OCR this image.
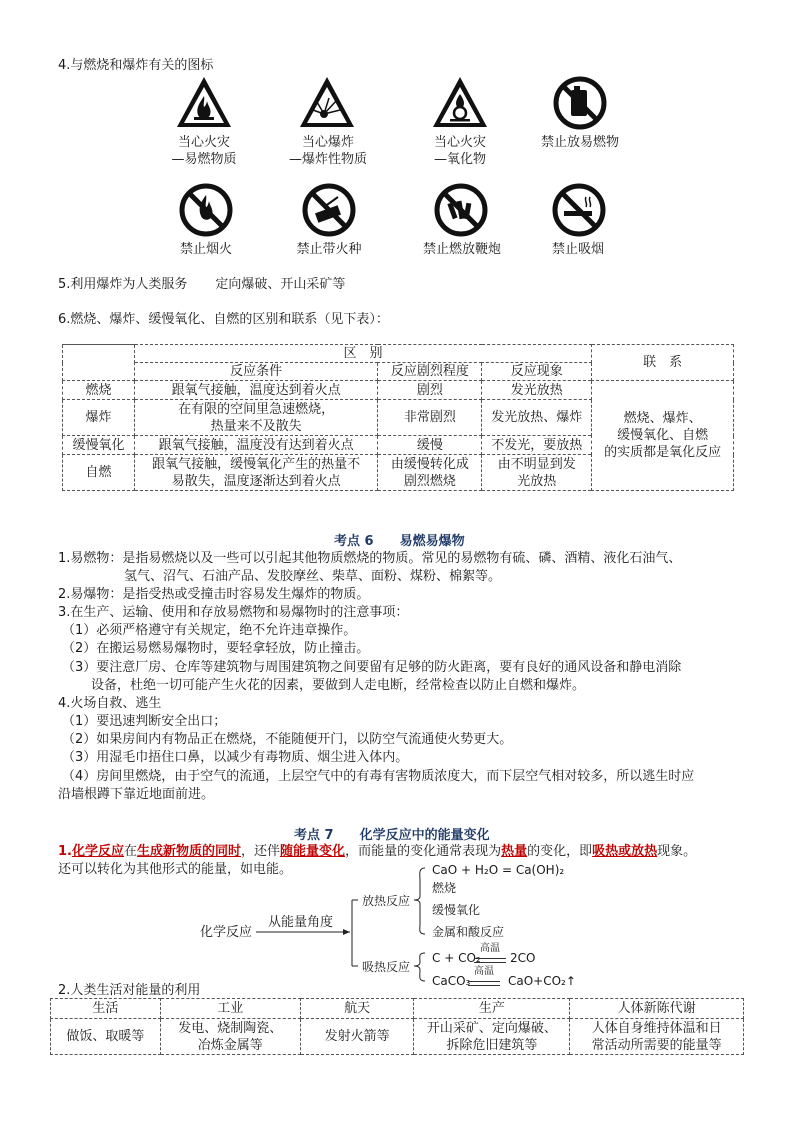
4.与燃烧和爆炸有关的图标
当心火灾
—易燃物质
当心爆炸
—爆炸性物质
当心火灾
—氧化物
禁止放易燃物
禁止烟火	禁止带火种	禁止燃放鞭炮	禁止吸烟
5.利用爆炸为人类服务 定向爆破、开山采矿等
6.燃烧、爆炸、缓慢氧化、自燃的区别和联系（见下表）：
	区　别			联　系
	反应条件	反应剧烈程度	反应现象	
燃烧	跟氧气接触，温度达到着火点	剧烈	发光放热	燃烧、爆炸、
缓慢氧化、自燃
的实质都是氧化反应
爆炸	在有限的空间里急速燃烧，
热量来不及散失	非常剧烈	发光放热、爆炸	
缓慢氧化	跟氧气接触，温度没有达到着火点	缓慢	不发光，要放热	
自燃	跟氧气接触，缓慢氧化产生的热量不
易散失，温度逐渐达到着火点	由缓慢转化成
剧烈燃烧	由不明显到发
光放热	
考点 6　　易燃易爆物
1.易燃物：是指易燃烧以及一些可以引起其他物质燃烧的物质。常见的易燃物有硫、磷、酒精、液化石油气、
氢气、沼气、石油产品、发胶摩丝、柴草、面粉、煤粉、棉絮等。
2.易爆物：是指受热或受撞击时容易发生爆炸的物质。
3.在生产、运输、使用和存放易燃物和易爆物时的注意事项：
（1）必须严格遵守有关规定，绝不允许违章操作。
（2）在搬运易燃易爆物时，要轻拿轻放，防止撞击。
（3）要注意厂房、仓库等建筑物与周围建筑物之间要留有足够的防火距离，要有良好的通风设备和静电消除
设备，杜绝一切可能产生火花的因素，要做到人走电断，经常检查以防止自燃和爆炸。
4.火场自救、逃生
（1）要迅速判断安全出口；
（2）如果房间内有物品正在燃烧，不能随便开门，以防空气流通使火势更大。
（3）用湿毛巾捂住口鼻，以减少有毒物质、烟尘进入体内。
（4）房间里燃烧，由于空气的流通，上层空气中的有毒有害物质浓度大，而下层空气相对较多，所以逃生时应
沿墙根蹲下靠近地面前进。
考点 7　　化学反应中的能量变化
1.化学反应在生成新物质的同时，还伴随能量变化，而能量的变化通常表现为热量的变化，即吸热或放热现象。
还可以转化为其他形式的能量，如电能。
化学反应
从能量角度
放热反应
吸热反应
CaO + H₂O = Ca(OH)₂
燃烧
缓慢氧化
金属和酸反应
C + CO₂
高温
2CO
CaCO₃
高温
CaO+CO₂↑
2.人类生活对能量的利用
生活	工业	航天	生产	人体新陈代谢
做饭、取暖等	发电、烧制陶瓷、
冶炼金属等	发射火箭等	开山采矿、定向爆破、
拆除危旧建筑等	人体自身维持体温和日
常活动所需要的能量等
